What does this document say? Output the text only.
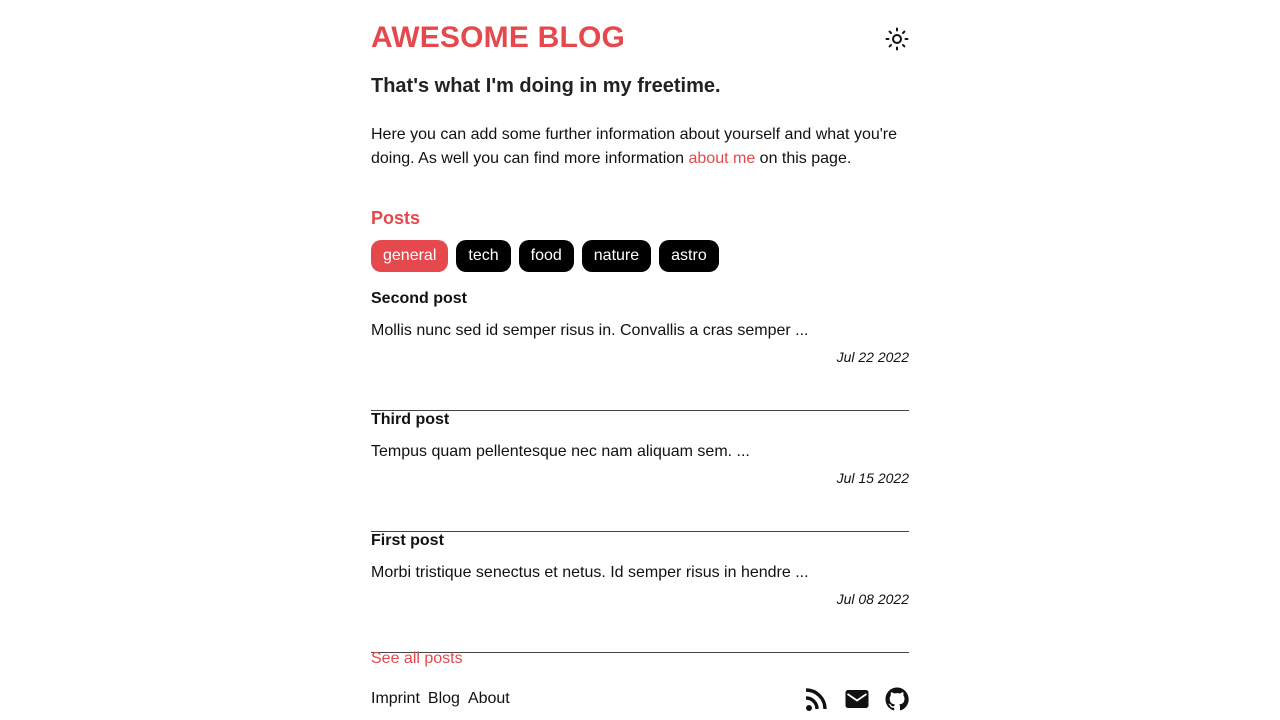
AWESOME BLOG
That's what I'm doing in my freetime.

Here you can add some further information about yourself and what you're doing. As well you can find more information about me on this page.

Posts
general	tech	food	nature	astro
Second post

Mollis nunc sed id semper risus in. Convallis a cras semper ...

Jul 22 2022

Third post

Tempus quam pellentesque nec nam aliquam sem. ...

Jul 15 2022

First post

Morbi tristique senectus et netus. Id semper risus in hendre ...

Jul 08 2022

See all posts
Imprint Blog About
